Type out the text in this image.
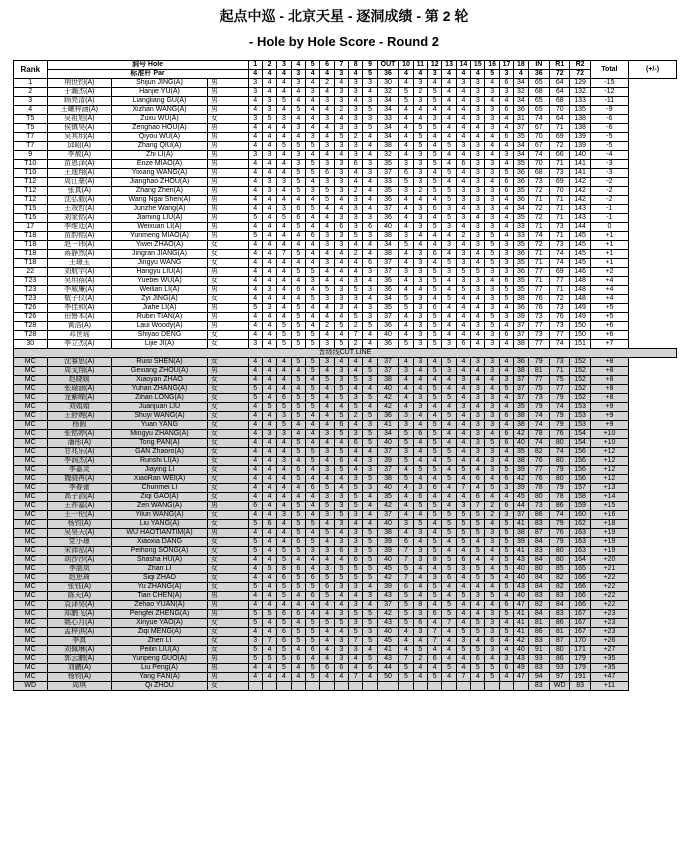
起点中巡 - 北京天星 - 逐洞成绩 - 第 2 轮
- Hole by Hole Score - Round 2
Rank	洞号 Hole			1	2	3	4	5	6	7	8	9	OUT	10	11	12	13	14	15	16	17	18	IN	R1	R2	Total	(+/-)
	标准杆 Par			4	4	4	3	4	4	3	4	5	36	4	4	3	4	4	4	5	3	4	36	72	72		
1	荆世钧(A)	Shijun JING(A)	男	3	4	4	3	4	2	4	3	3	30	4	3	4	4	3	3	4	6	34	65	64	129	-15	
2	于瀚杰(A)	Hanjie YU(A)	男	3	4	4	4	3	4	3	3	4	32	5	2	5	4	4	3	3	3	32	68	64	132	-12	
3	顾亮清(A)	Liangliang GU(A)	男	4	3	5	4	4	3	3	4	3	34	5	3	5	4	4	3	4	4	34	65	68	133	-11	
4	王曦梓涵(A)	Xizhan WANG(A)	男	4	3	4	5	4	4	2	3	5	34	4	4	4	4	4	3	3	6	36	65	70	135	-9	
T5	吴祖旭(A)	Zuxu WU(A)	女	3	5	3	4	4	3	4	3	3	33	4	4	3	4	4	3	3	4	31	74	64	138	-6	
T5	侯镇昊(A)	Zenghao HOU(A)	男	4	4	4	3	4	4	3	3	5	34	4	5	5	4	4	4	3	4	37	67	71	138	-6	
T7	吴其玥(A)	Qiyou WU(A)	男	4	4	4	4	3	4	5	2	4	34	4	5	4	4	4	4	4	6	35	70	69	139	-5	
T7	邱昭(A)	Zhang QIU(A)	男	4	4	5	5	5	3	3	3	4	38	4	5	4	5	3	3	4	4	34	67	72	139	-5	
9	李赦(A)	Zhi LI(A)	男	3	3	4	3	4	4	4	3	4	32	4	3	5	4	4	3	4	3	34	74	66	140	-4	
T10	苗恩泽(A)	Enze MIAO(A)	男	4	4	4	3	5	3	3	6	3	35	3	3	5	4	6	3	3	4	35	70	71	141	-3	
T10	王逸翔(A)	Yixiang WANG(A)	男	4	4	4	5	5	6	3	4	3	37	6	3	4	5	4	3	3	5	36	68	73	141	-3	
T12	周江豪(A)	Jianghao ZHOU(A)	男	4	3	3	5	4	3	3	4	4	33	5	3	5	4	4	3	4	6	36	73	69	142	-2	
T12	张真(A)	Zhang Zhen(A)	男	4	3	4	5	3	5	3	2	4	35	3	2	5	5	3	3	3	6	35	72	70	142	-2	
T12	沈弘毅(A)	Wang Ngai Shen(A)	男	4	4	4	4	4	5	4	3	4	36	4	4	4	5	3	3	3	4	36	71	71	142	-2	
T15	王竣哲(A)	Junzhe Wang(A)	男	4	4	3	6	5	4	4	3	4	37	4	3	6	3	4	3	3	4	34	72	71	143	-1	
T15	刘家铭(A)	Jiaming LIU(A)	男	5	4	5	6	4	4	3	3	3	36	4	3	4	5	3	4	3	4	35	72	71	143	-1	
17	李维廷(A)	Weixuan LI(A)	男	4	4	4	5	4	4	6	3	6	40	4	3	5	3	4	3	3	4	33	71	73	144	0	
T18	苗韵铭(A)	Yunmeng MIAO(A)	男	5	4	4	4	6	3	3	5	3	38	3	4	4	4	2	3	5	4	33	74	71	145	+1	
T18	赵一玮(A)	Yiwei ZHAO(A)	女	4	4	4	4	4	3	3	4	4	34	5	4	4	3	4	3	5	3	35	72	73	145	+1	
T18	蒋静然(A)	Jingran JIANG(A)	女	4	4	7	5	4	4	4	2	4	38	4	3	6	4	3	4	5	3	36	71	74	145	+1	
T18	王璟玉	Jingyu WANG	女	4	4	4	4	4	3	4	4	6	37	4	3	4	5	3	4	5	3	35	71	74	145	+1	
22	刘航宇(A)	Hangyu LIU(A)	男	4	4	4	5	5	4	4	4	3	37	3	3	5	3	5	5	3	3	36	77	69	146	+2	
T23	吴玥蓓(A)	Yuebei WU(A)	女	4	4	4	4	3	4	4	3	4	36	4	3	5	4	3	3	4	6	35	71	77	148	+4	
T23	李威廉(A)	Weilian LI(A)	男	4	3	4	6	4	5	3	5	3	36	4	4	5	4	5	3	3	5	35	77	71	148	+4	
T23	敬子仪(A)	Zyi JING(A)	女	4	4	4	4	5	3	3	3	4	34	5	3	4	5	4	4	3	5	38	76	72	148	+4	
T26	李佳和(A)	Jiahe LI(A)	男	5	3	4	5	4	4	3	4	3	35	5	3	6	4	4	4	3	4	36	76	73	149	+5	
T26	田鲁本(A)	Rubin TIAN(A)	男	4	4	4	5	4	4	4	5	3	37	4	3	5	4	4	4	5	3	39	73	76	149	+5	
T28	黄浩(A)	Laui Woody(A)	男	4	4	5	5	4	2	5	2	5	36	4	3	5	4	4	3	5	4	37	77	73	150	+6	
T28	邓世瑶	Shiyao DENG	女	4	4	5	5	5	4	4	7	4	40	4	3	5	4	4	4	3	6	37	73	77	150	+6	
30	李立杰(A)	Lijie JI(A)	女	3	4	5	5	5	3	5	2	4	36	5	3	5	3	6	4	3	4	38	77	74	151	+7	
晋级线CUT LINE																											
MC	沈睿思(A)	Ruisi SHEN(A)	女	4	4	4	5	5	3	4	4	4	37	4	3	4	5	4	3	3	4	36	79	73	152	+8	
MC	周戈翔(A)	Gexiang ZHOU(A)	男	4	4	4	4	5	4	3	4	5	37	3	4	5	3	4	4	3	4	38	81	71	152	+8	
MC	赵晓媛	Xiaoyan ZHAO	女	4	4	4	5	4	5	3	5	3	38	4	4	4	4	3	4	4	3	37	77	75	152	+8	
MC	张瑜涵(A)	Yuhan ZHANG(A)	女	5	4	4	4	5	4	5	4	4	40	4	4	5	4	4	3	4	5	37	75	77	152	+8	
MC	龙紫嵘(A)	Zihan LONG(A)	女	5	4	6	5	5	4	5	3	5	42	4	3	5	5	4	3	3	4	37	73	79	152	+8	
MC	刘娟娟	Juanjuan LIU	女	4	5	5	5	5	4	4	5	4	42	4	3	4	4	3	4	3	4	35	79	74	153	+9	
MC	王舒婉(A)	Shuyi WANG(A)	女	4	4	3	5	4	4	5	2	5	36	3	4	4	5	4	3	3	6	38	74	79	153	+9	
MC	杨圆	Yuan YANG	女	4	4	5	4	4	4	6	4	3	41	3	4	5	4	4	3	3	4	38	74	79	153	+9	
MC	张铭婷(A)	Mingyu ZHANG(A)	女	4	3	3	4	4	3	5	3	5	34	5	6	5	4	4	3	4	6	42	78	76	154	+10	
MC	潘彤(A)	Tong PAN(A)	女	4	4	4	5	4	4	4	6	5	40	5	4	5	4	4	3	5	6	40	74	80	154	+10	
MC	甘兆乐(A)	GAN Zhaoro(A)	女	4	4	4	5	5	3	5	4	4	37	3	4	5	5	4	3	3	4	35	82	74	156	+12	
MC	李润杰(A)	Runshi LI(A)	女	4	4	3	4	5	4	6	4	3	39	5	4	4	5	4	4	3	4	38	76	80	156	+12	
MC	李嘉灵	Jiaying LI	女	4	4	4	6	4	3	5	4	3	37	4	5	5	4	5	4	3	5	39	77	79	156	+12	
MC	魏骁苒(A)	XiaoRan WEI(A)	女	4	4	4	5	4	4	4	3	5	38	5	4	4	5	4	6	4	6	42	76	80	156	+12	
MC	李春蕾	Chunmei LI	女	4	4	4	4	6	5	4	5	3	40	4	3	6	4	7	4	5	3	39	78	79	157	+13	
MC	高子滔(A)	Ziqi GAO(A)	女	4	4	4	4	4	3	3	5	4	35	4	6	4	4	4	6	4	4	45	80	78	158	+14	
MC	王祚嘉(A)	Zen WANG(A)	男	6	4	4	5	4	5	3	5	4	42	4	5	5	4	3	7	2	6	44	73	86	159	+15	
MC	王一伦(A)	Yilun WANG(A)	女	4	4	3	5	4	3	5	3	4	37	4	4	5	5	5	5	2	3	37	86	74	160	+16	
MC	杨钧(A)	Liu YANG(A)	女	5	6	4	5	5	4	3	4	4	40	3	5	4	5	5	5	4	5	41	83	79	162	+18	
MC	吴昊天(A)	WU HAOTIANTIM(A)	男	4	4	4	5	4	5	4	3	5	38	4	3	4	5	5	5	3	5	38	87	76	163	+19	
MC	党小璟	Xiaoxia DANG	女	5	4	4	6	5	4	3	3	5	39	6	4	5	4	5	4	3	5	39	84	79	163	+19	
MC	宋沛泓(A)	Peihong SONG(A)	女	5	4	5	5	3	3	6	3	5	39	7	3	5	4	4	5	4	5	41	83	80	163	+19	
MC	胡沙沙(A)	Shasha HU(A)	女	4	4	5	4	4	4	4	6	5	40	7	3	8	5	6	4	4	5	43	84	80	164	+20	
MC	李湛岚	Zhan LI	女	4	5	8	6	4	3	5	5	5	45	5	4	4	5	3	5	4	5	40	80	85	165	+21	
MC	赵思琦	Siqi ZHAO	女	4	4	6	5	6	5	5	5	5	42	7	4	3	6	4	5	5	4	40	84	82	166	+22	
MC	张钰(A)	Yu ZHANG(A)	女	5	4	5	5	5	6	3	3	4	39	6	4	5	4	4	4	4	5	43	84	82	166	+22	
MC	陈天(A)	Tian CHEN(A)	男	4	4	5	4	6	5	4	4	3	43	5	4	5	4	5	3	5	4	40	83	83	166	+22	
MC	袁泽昊(A)	Zehao YUAN(A)	男	4	4	4	4	4	4	4	3	4	37	5	8	4	5	4	4	4	6	47	82	84	166	+22	
MC	郑鹏飞(A)	Pengfei ZHENG(A)	男	5	5	6	6	4	4	3	5	5	42	5	3	6	5	4	4	3	5	41	84	83	167	+23	
MC	姚心月(A)	Xinyue YAO(A)	女	5	4	5	4	5	5	5	3	5	43	5	6	4	7	4	5	3	4	41	81	86	167	+23	
MC	孟梓淇(A)	Ziqi MENG(A)	女	4	4	6	5	5	4	4	5	3	40	4	3	7	4	5	5	3	5	41	86	81	167	+23	
MC	李真	Zhen LI	女	3	7	6	5	5	4	3	7	5	45	4	4	7	4	3	4	6	4	42	83	87	170	+26	
MC	刘佩琳(A)	Peilin LIU(A)	女	5	4	5	4	6	4	3	3	4	41	4	5	4	4	5	5	3	4	40	91	80	171	+27	
MC	郭云鹏(A)	Yunpeng GUO(A)	男	5	5	5	6	4	4	3	4	5	43	7	2	6	4	4	6	4	3	43	93	86	179	+35	
MC	刘鹏(A)	Liu Peng(A)	男	4	4	5	4	5	6	6	4	6	44	5	4	4	5	4	5	5	6	49	83	93	179	+35	
MC	杨钧(A)	Yang FAN(A)	男	4	4	4	4	5	4	4	7	4	50	5	4	5	4	7	4	5	4	47	94	97	191	+47	
WD	周琪	Qi ZHOU	女																				83	WD	83	+11	
